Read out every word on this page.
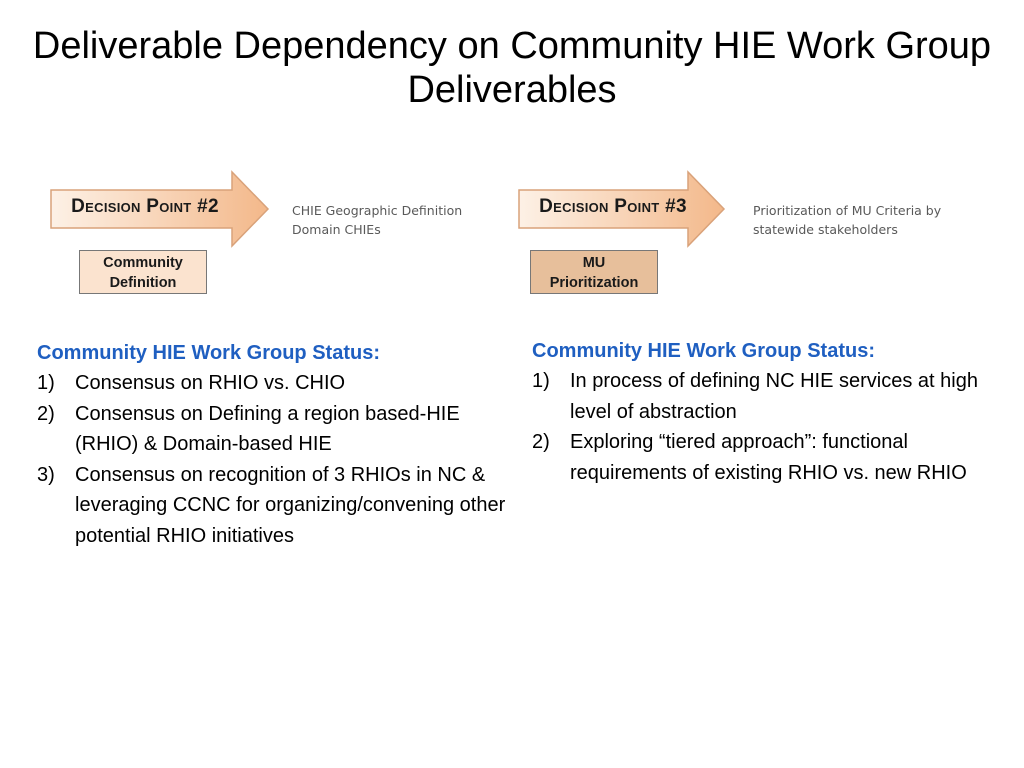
Deliverable Dependency on Community HIE Work Group Deliverables
Decision Point #2	CHIE Geographic Definition
Domain CHIEs
Community
Definition
Decision Point #3	Prioritization of MU Criteria by
statewide stakeholders
MU
Prioritization
Community HIE Work Group Status:
1) Consensus on RHIO vs. CHIO
2) Consensus on Defining a region based-HIE (RHIO) & Domain-based HIE
3) Consensus on recognition of 3 RHIOs in NC & leveraging CCNC for organizing/convening other potential RHIO initiatives
Community HIE Work Group Status:
1) In process of defining NC HIE services at high level of abstraction
2) Exploring “tiered approach”: functional requirements of existing RHIO vs. new RHIO
